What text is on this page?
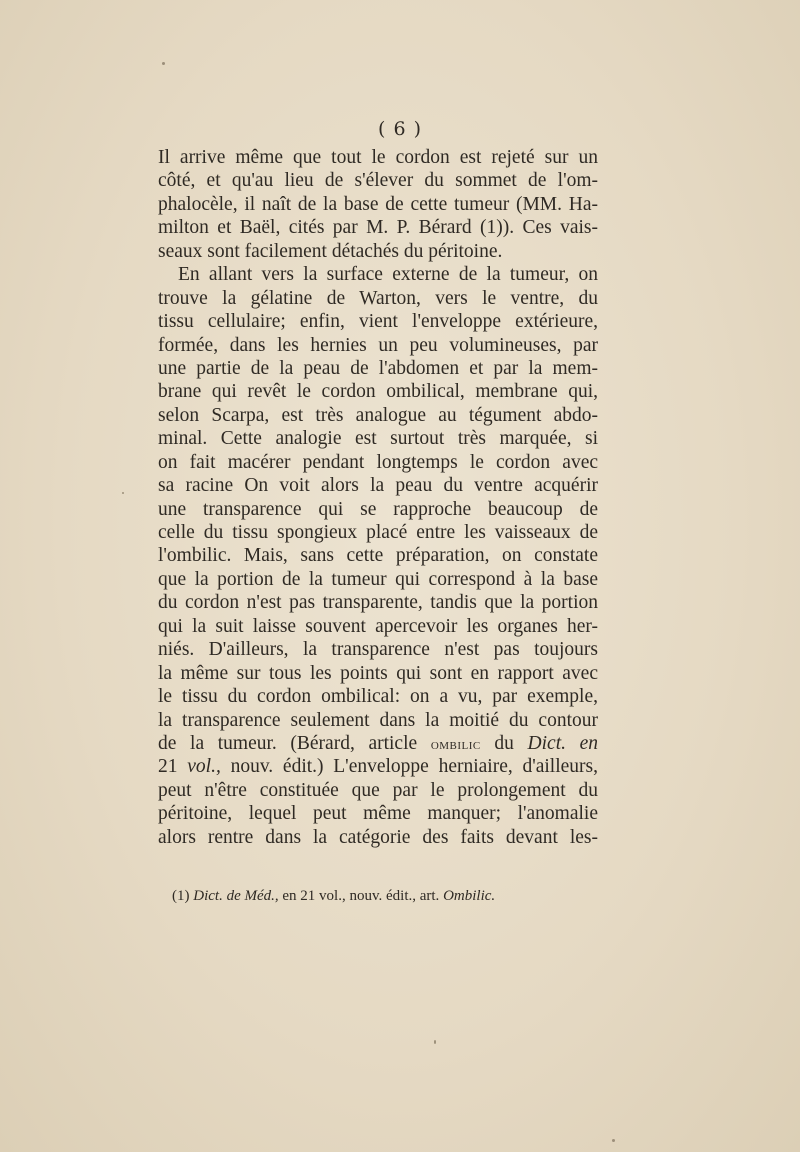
( 6 )
Il arrive même que tout le cordon est rejeté sur un
côté, et qu'au lieu de s'élever du sommet de l'om-
phalocèle, il naît de la base de cette tumeur (MM. Ha-
milton et Baël, cités par M. P. Bérard (1)). Ces vais-
seaux sont facilement détachés du péritoine.
En allant vers la surface externe de la tumeur, on
trouve la gélatine de Warton, vers le ventre, du
tissu cellulaire; enfin, vient l'enveloppe extérieure,
formée, dans les hernies un peu volumineuses, par
une partie de la peau de l'abdomen et par la mem-
brane qui revêt le cordon ombilical, membrane qui,
selon Scarpa, est très analogue au tégument abdo-
minal. Cette analogie est surtout très marquée, si
on fait macérer pendant longtemps le cordon avec
sa racine On voit alors la peau du ventre acquérir
une transparence qui se rapproche beaucoup de
celle du tissu spongieux placé entre les vaisseaux de
l'ombilic. Mais, sans cette préparation, on constate
que la portion de la tumeur qui correspond à la base
du cordon n'est pas transparente, tandis que la portion
qui la suit laisse souvent apercevoir les organes her-
niés. D'ailleurs, la transparence n'est pas toujours
la même sur tous les points qui sont en rapport avec
le tissu du cordon ombilical: on a vu, par exemple,
la transparence seulement dans la moitié du contour
de la tumeur. (Bérard, article ombilic du Dict. en
21 vol., nouv. édit.) L'enveloppe herniaire, d'ailleurs,
peut n'être constituée que par le prolongement du
péritoine, lequel peut même manquer; l'anomalie
alors rentre dans la catégorie des faits devant les-
(1) Dict. de Méd., en 21 vol., nouv. édit., art. Ombilic.
